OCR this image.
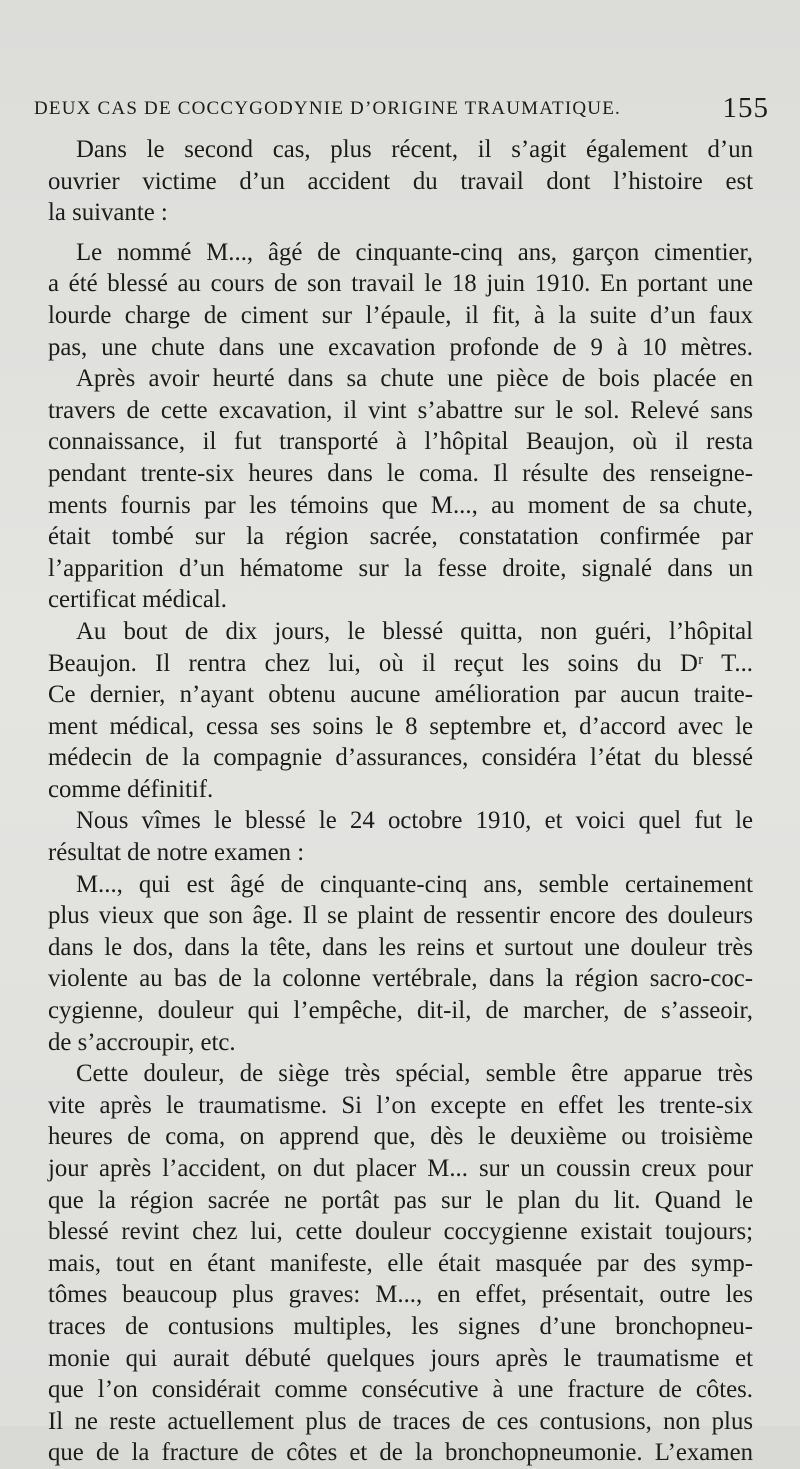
DEUX CAS DE COCCYGODYNIE D’ORIGINE TRAUMATIQUE.	155
Dans le second cas, plus récent, il s’agit également d’un
ouvrier victime d’un accident du travail dont l’histoire est
la suivante :
Le nommé M..., âgé de cinquante-cinq ans, garçon cimentier,
a été blessé au cours de son travail le 18 juin 1910. En portant une
lourde charge de ciment sur l’épaule, il fit, à la suite d’un faux
pas, une chute dans une excavation profonde de 9 à 10 mètres.
Après avoir heurté dans sa chute une pièce de bois placée en
travers de cette excavation, il vint s’abattre sur le sol. Relevé sans
connaissance, il fut transporté à l’hôpital Beaujon, où il resta
pendant trente-six heures dans le coma. Il résulte des renseigne-
ments fournis par les témoins que M..., au moment de sa chute,
était tombé sur la région sacrée, constatation confirmée par
l’apparition d’un hématome sur la fesse droite, signalé dans un
certificat médical.
Au bout de dix jours, le blessé quitta, non guéri, l’hôpital
Beaujon. Il rentra chez lui, où il reçut les soins du Dʳ T...
Ce dernier, n’ayant obtenu aucune amélioration par aucun traite-
ment médical, cessa ses soins le 8 septembre et, d’accord avec le
médecin de la compagnie d’assurances, considéra l’état du blessé
comme définitif.
Nous vîmes le blessé le 24 octobre 1910, et voici quel fut le
résultat de notre examen :
M..., qui est âgé de cinquante-cinq ans, semble certainement
plus vieux que son âge. Il se plaint de ressentir encore des douleurs
dans le dos, dans la tête, dans les reins et surtout une douleur très
violente au bas de la colonne vertébrale, dans la région sacro-coc-
cygienne, douleur qui l’empêche, dit-il, de marcher, de s’asseoir,
de s’accroupir, etc.
Cette douleur, de siège très spécial, semble être apparue très
vite après le traumatisme. Si l’on excepte en effet les trente-six
heures de coma, on apprend que, dès le deuxième ou troisième
jour après l’accident, on dut placer M... sur un coussin creux pour
que la région sacrée ne portât pas sur le plan du lit. Quand le
blessé revint chez lui, cette douleur coccygienne existait toujours;
mais, tout en étant manifeste, elle était masquée par des symp-
tômes beaucoup plus graves: M..., en effet, présentait, outre les
traces de contusions multiples, les signes d’une bronchopneu-
monie qui aurait débuté quelques jours après le traumatisme et
que l’on considérait comme consécutive à une fracture de côtes.
Il ne reste actuellement plus de traces de ces contusions, non plus
que de la fracture de côtes et de la bronchopneumonie. L’examen
